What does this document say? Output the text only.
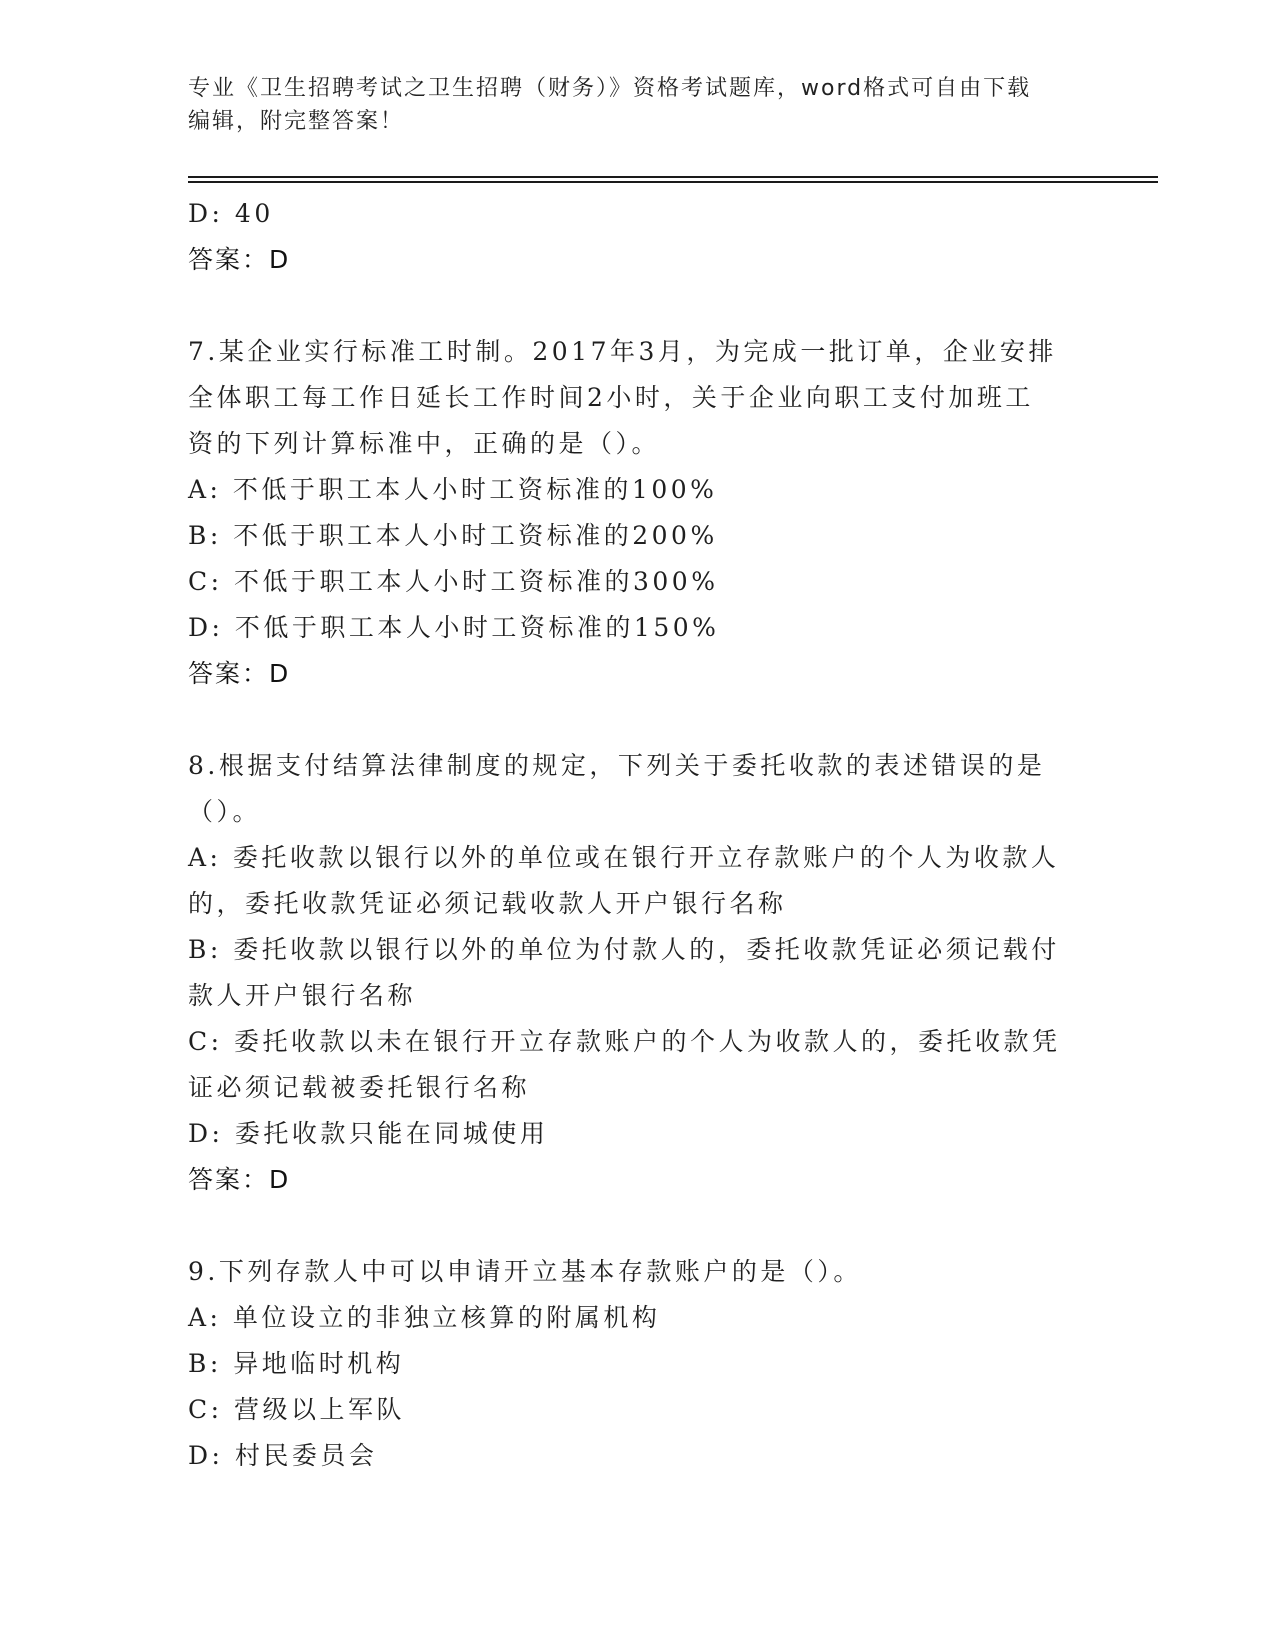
专业《卫生招聘考试之卫生招聘（财务）》资格考试题库，word格式可自由下载
编辑，附完整答案！
D: 40
答案：D
7.某企业实行标准工时制。2017年3月，为完成一批订单，企业安排
全体职工每工作日延长工作时间2小时，关于企业向职工支付加班工
资的下列计算标准中，正确的是（）。
A: 不低于职工本人小时工资标准的100%
B: 不低于职工本人小时工资标准的200%
C: 不低于职工本人小时工资标准的300%
D: 不低于职工本人小时工资标准的150%
答案：D
8.根据支付结算法律制度的规定，下列关于委托收款的表述错误的是
（）。
A: 委托收款以银行以外的单位或在银行开立存款账户的个人为收款人
的，委托收款凭证必须记载收款人开户银行名称
B: 委托收款以银行以外的单位为付款人的，委托收款凭证必须记载付
款人开户银行名称
C: 委托收款以未在银行开立存款账户的个人为收款人的，委托收款凭
证必须记载被委托银行名称
D: 委托收款只能在同城使用
答案：D
9.下列存款人中可以申请开立基本存款账户的是（）。
A: 单位设立的非独立核算的附属机构
B: 异地临时机构
C: 营级以上军队
D: 村民委员会
